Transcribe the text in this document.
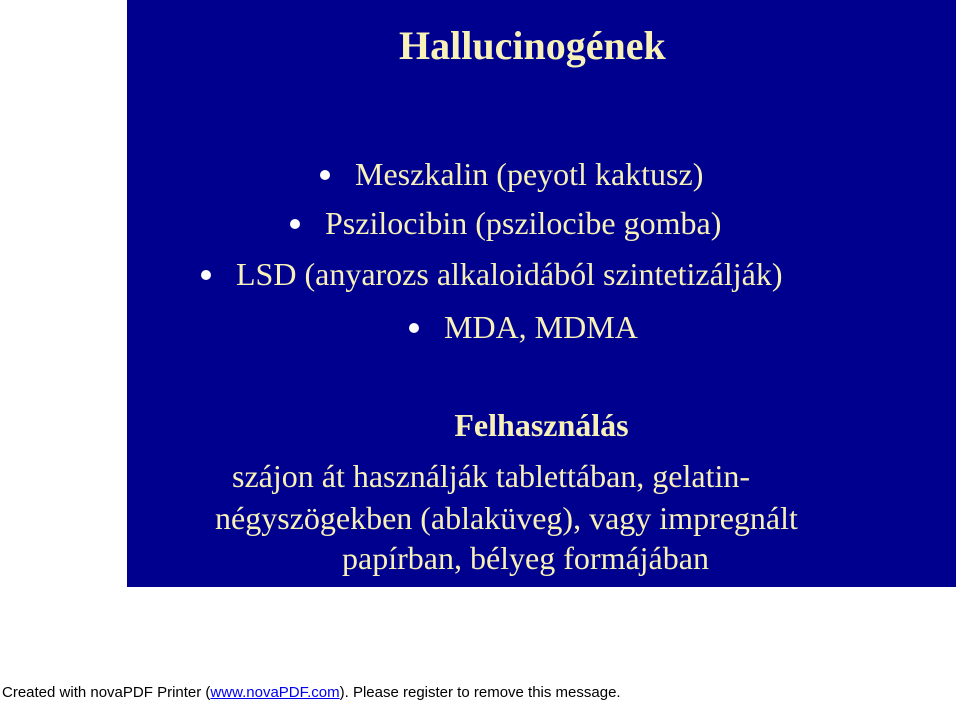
Hallucinogének
Meszkalin (peyotl kaktusz)
Pszilocibin (pszilocibe gomba)
LSD (anyarozs alkaloidából szintetizálják)
MDA, MDMA
Felhasználás
szájon át használják tablettában, gelatin-
négyszögekben (ablaküveg), vagy impregnált
papírban, bélyeg formájában
Created with novaPDF Printer (www.novaPDF.com). Please register to remove this message.
